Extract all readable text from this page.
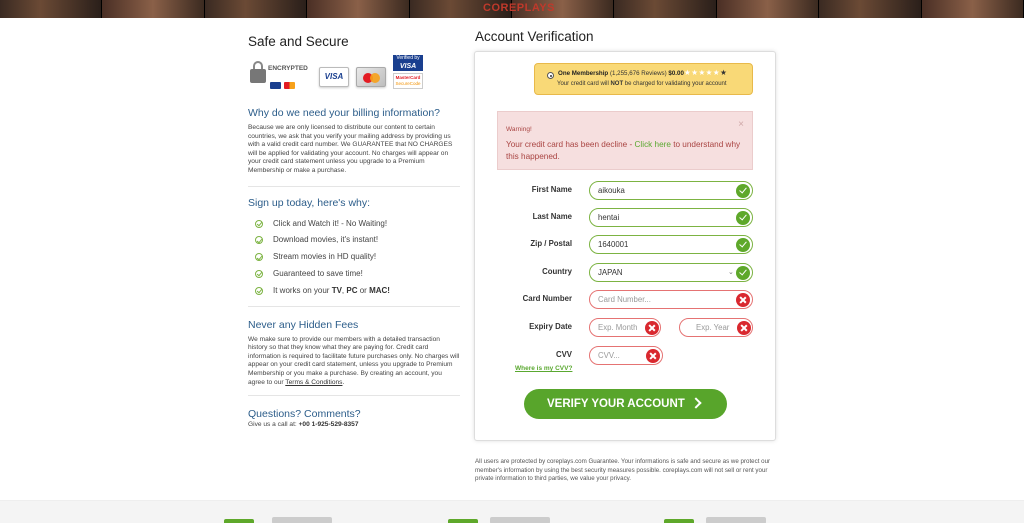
COREPLAYS
Safe and Secure
ENCRYPTED
VISA
Verified by
VISA
MasterCard
SecureCode
Why do we need your billing information?

Because we are only licensed to distribute our content to certain countries, we ask that you verify your mailing address by providing us with a valid credit card number. We GUARANTEE that NO CHARGES will be applied for validating your account. No charges will appear on your credit card statement unless you upgrade to a Premium Membership or make a purchase.

Sign up today, here's why:
Click and Watch it! - No Waiting!
Download movies, it's instant!
Stream movies in HD quality!
Guaranteed to save time!
It works on your TV, PC or MAC!
Never any Hidden Fees

We make sure to provide our members with a detailed transaction history so that they know what they are paying for. Credit card information is required to facilitate future purchases only. No charges will appear on your credit card statement, unless you upgrade to Premium Membership or you make a purchase. By creating an account, you agree to our Terms & Conditions.

Questions? Comments?
Give us a call at: +00 1-925-529-8357
Account Verification
One Membership (1,255,676 Reviews) $0.00 ★★★★★★
Your credit card will NOT be charged for validating your account
Warning!	×
Your credit card has been decline - Click here to understand why this happened.
First Name
aikouka
Last Name
hentai
Zip / Postal
1640001
Country
JAPAN	⌄
Card Number
Card Number...
Expiry Date
Exp. Month
Exp. Year
CVV
CVV...
Where is my CVV?
VERIFY YOUR ACCOUNT
All users are protected by coreplays.com Guarantee. Your informations is safe and secure as we protect our member's information by using the best security measures possible. coreplays.com will not sell or rent your private information to third parties, we value your privacy.
